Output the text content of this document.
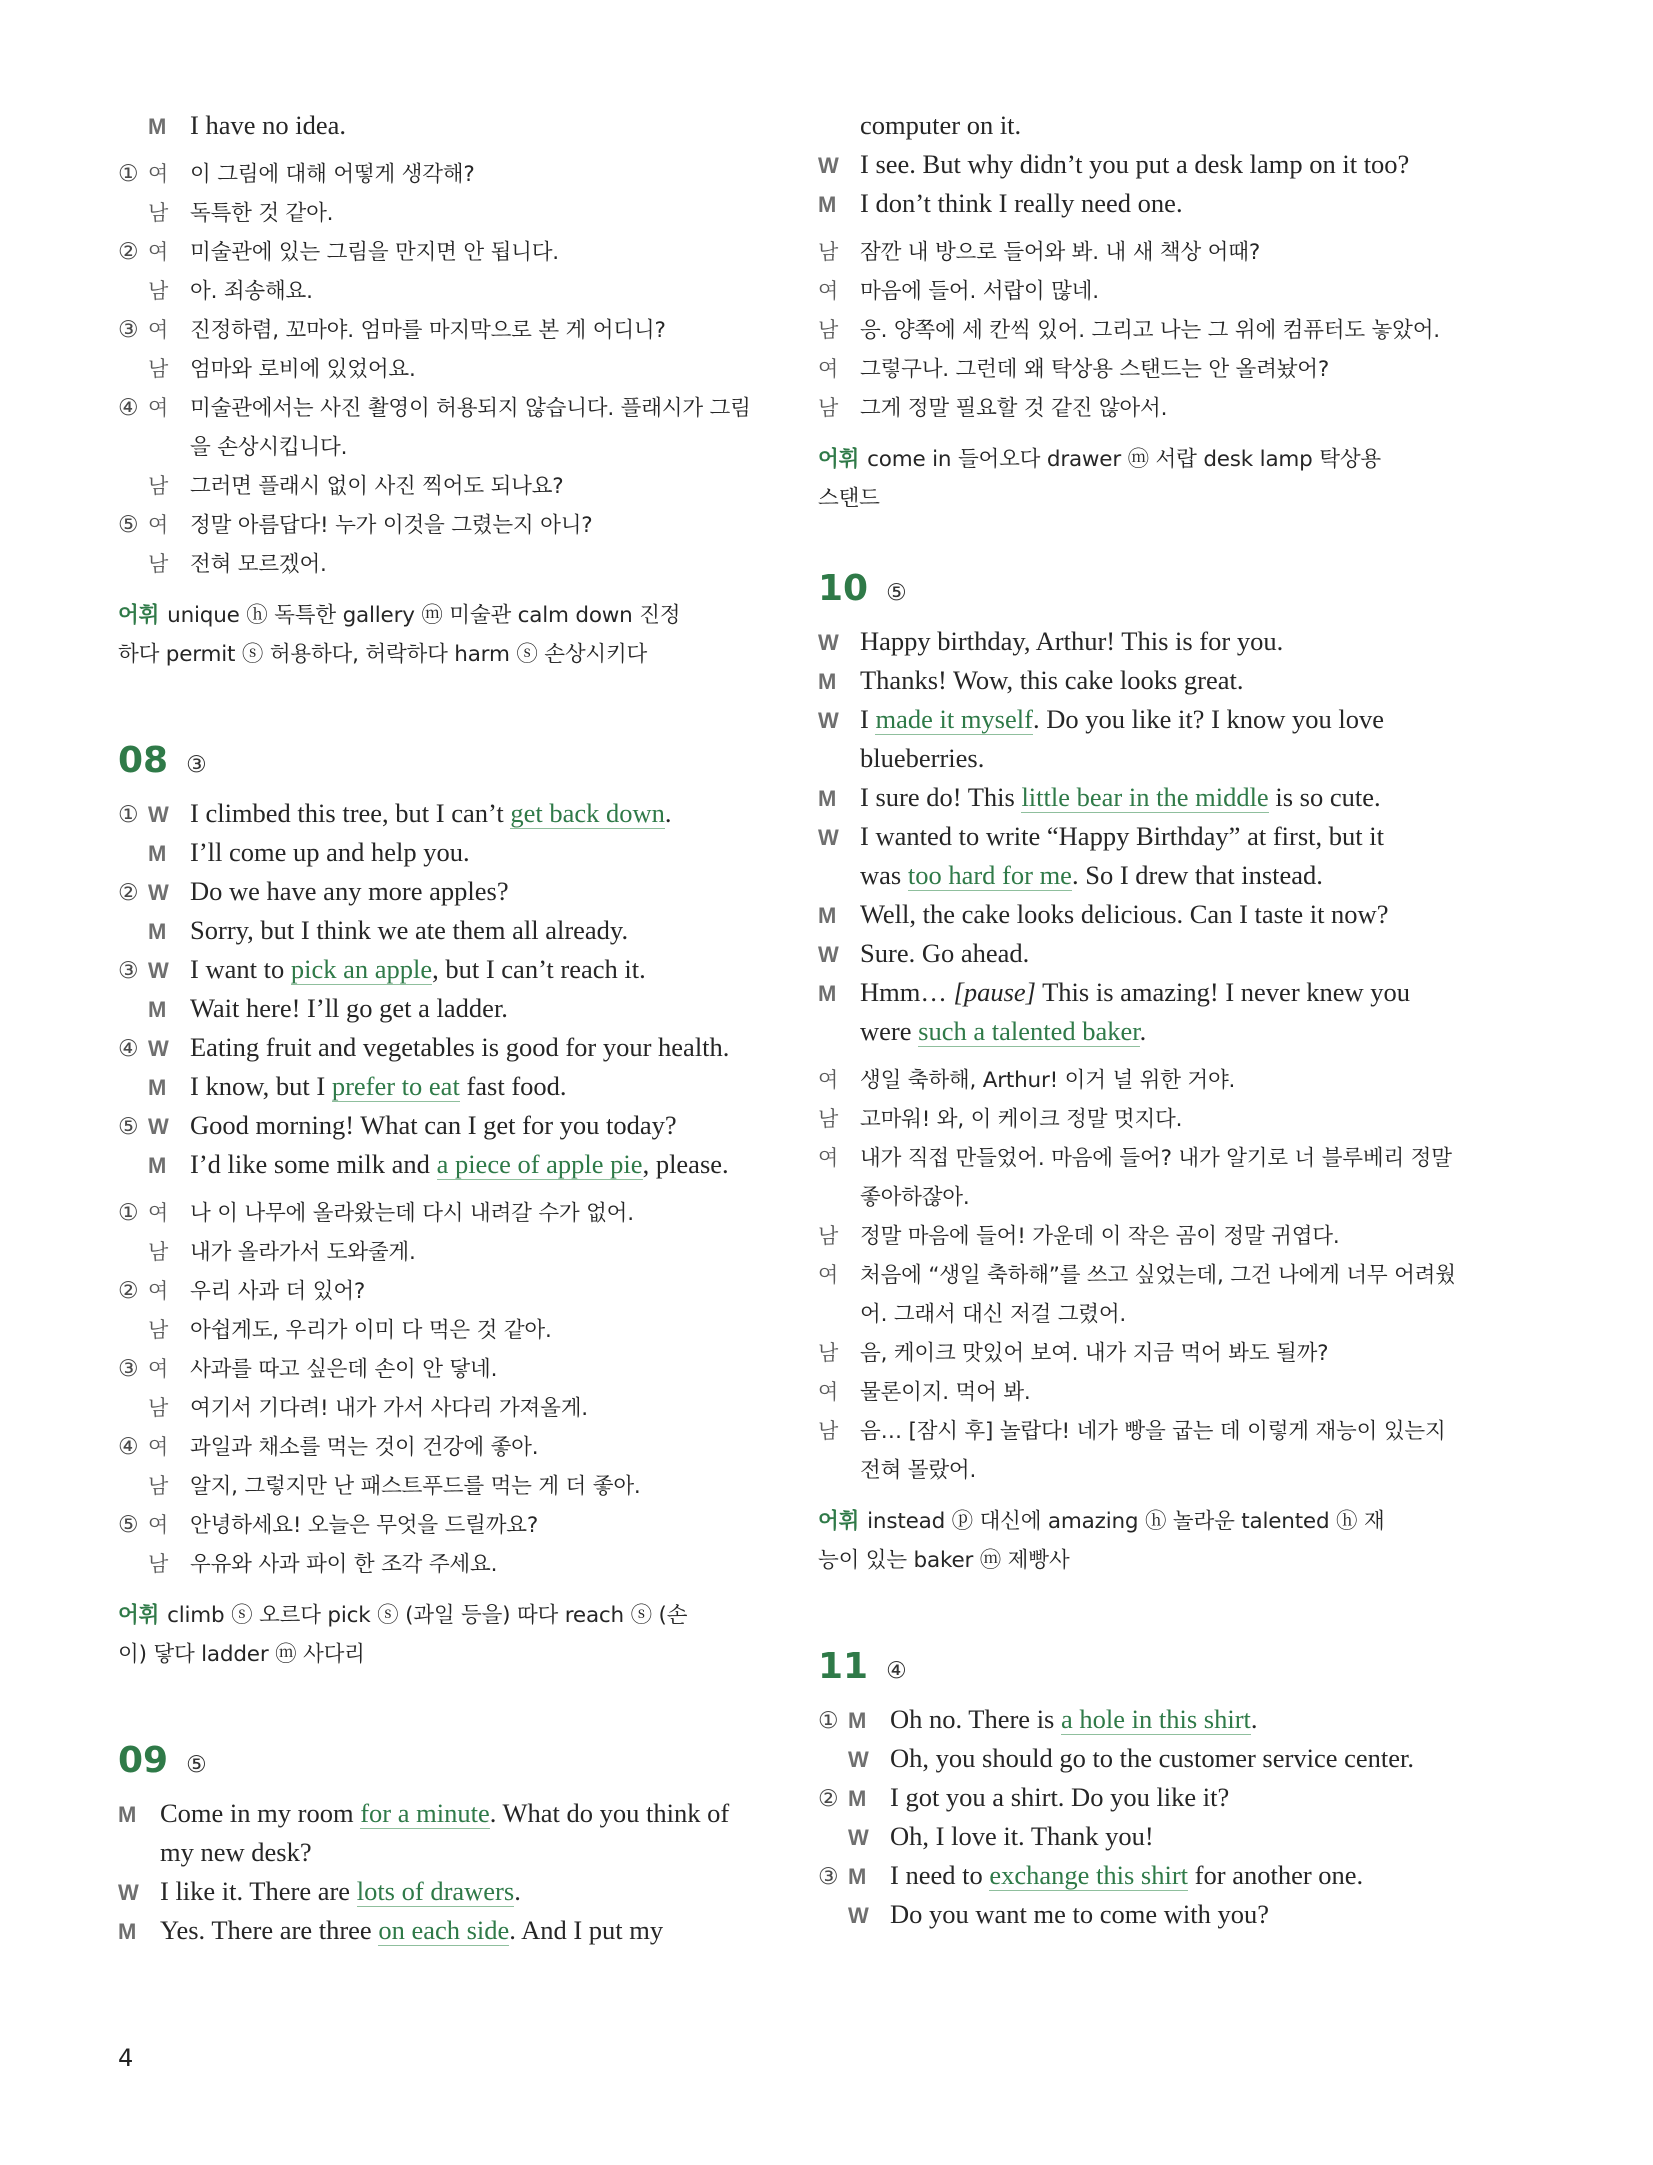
M I have no idea.
① 여	이 그림에 대해 어떻게 생각해?
남	독특한 것 같아.
② 여	미술관에 있는 그림을 만지면 안 됩니다.
남	아. 죄송해요.
③ 여	진정하렴, 꼬마야. 엄마를 마지막으로 본 게 어디니?
남	엄마와 로비에 있었어요.
④ 여	미술관에서는 사진 촬영이 허용되지 않습니다. 플래시가 그림
을 손상시킵니다.
남	그러면 플래시 없이 사진 찍어도 되나요?
⑤ 여	정말 아름답다! 누가 이것을 그렸는지 아니?
남	전혀 모르겠어.
어휘 unique ⓗ 독특한 gallery ⓜ 미술관 calm down 진정
하다 permit ⓢ 허용하다, 허락하다 harm ⓢ 손상시키다
08 ③
① W I climbed this tree, but I can’t get back down.
M I’ll come up and help you.
② W Do we have any more apples?
M Sorry, but I think we ate them all already.
③ W I want to pick an apple, but I can’t reach it.
M Wait here! I’ll go get a ladder.
④ W Eating fruit and vegetables is good for your health.
M I know, but I prefer to eat fast food.
⑤ W Good morning! What can I get for you today?
M I’d like some milk and a piece of apple pie, please.
① 여	나 이 나무에 올라왔는데 다시 내려갈 수가 없어.
남	내가 올라가서 도와줄게.
② 여	우리 사과 더 있어?
남	아쉽게도, 우리가 이미 다 먹은 것 같아.
③ 여	사과를 따고 싶은데 손이 안 닿네.
남	여기서 기다려! 내가 가서 사다리 가져올게.
④ 여	과일과 채소를 먹는 것이 건강에 좋아.
남	알지, 그렇지만 난 패스트푸드를 먹는 게 더 좋아.
⑤ 여	안녕하세요! 오늘은 무엇을 드릴까요?
남	우유와 사과 파이 한 조각 주세요.
어휘 climb ⓢ 오르다 pick ⓢ (과일 등을) 따다 reach ⓢ (손
이) 닿다 ladder ⓜ 사다리
09 ⑤
M Come in my room for a minute. What do you think of
my new desk?
W I like it. There are lots of drawers.
M Yes. There are three on each side. And I put my
computer on it.
W I see. But why didn’t you put a desk lamp on it too?
M I don’t think I really need one.
남	잠깐 내 방으로 들어와 봐. 내 새 책상 어때?
여	마음에 들어. 서랍이 많네.
남	응. 양쪽에 세 칸씩 있어. 그리고 나는 그 위에 컴퓨터도 놓았어.
여	그렇구나. 그런데 왜 탁상용 스탠드는 안 올려놨어?
남	그게 정말 필요할 것 같진 않아서.
어휘 come in 들어오다 drawer ⓜ 서랍 desk lamp 탁상용
스탠드
10 ⑤
W Happy birthday, Arthur! This is for you.
M Thanks! Wow, this cake looks great.
W I made it myself. Do you like it? I know you love
blueberries.
M I sure do! This little bear in the middle is so cute.
W I wanted to write “Happy Birthday” at first, but it
was too hard for me. So I drew that instead.
M Well, the cake looks delicious. Can I taste it now?
W Sure. Go ahead.
M Hmm… [pause] This is amazing! I never knew you
were such a talented baker.
여	생일 축하해, Arthur! 이거 널 위한 거야.
남	고마워! 와, 이 케이크 정말 멋지다.
여	내가 직접 만들었어. 마음에 들어? 내가 알기로 너 블루베리 정말
좋아하잖아.
남	정말 마음에 들어! 가운데 이 작은 곰이 정말 귀엽다.
여	처음에 “생일 축하해”를 쓰고 싶었는데, 그건 나에게 너무 어려웠
어. 그래서 대신 저걸 그렸어.
남	음, 케이크 맛있어 보여. 내가 지금 먹어 봐도 될까?
여	물론이지. 먹어 봐.
남	음… [잠시 후] 놀랍다! 네가 빵을 굽는 데 이렇게 재능이 있는지
전혀 몰랐어.
어휘 instead ⓟ 대신에 amazing ⓗ 놀라운 talented ⓗ 재
능이 있는 baker ⓜ 제빵사
11 ④
① M Oh no. There is a hole in this shirt.
W Oh, you should go to the customer service center.
② M I got you a shirt. Do you like it?
W Oh, I love it. Thank you!
③ M I need to exchange this shirt for another one.
W Do you want me to come with you?
4
